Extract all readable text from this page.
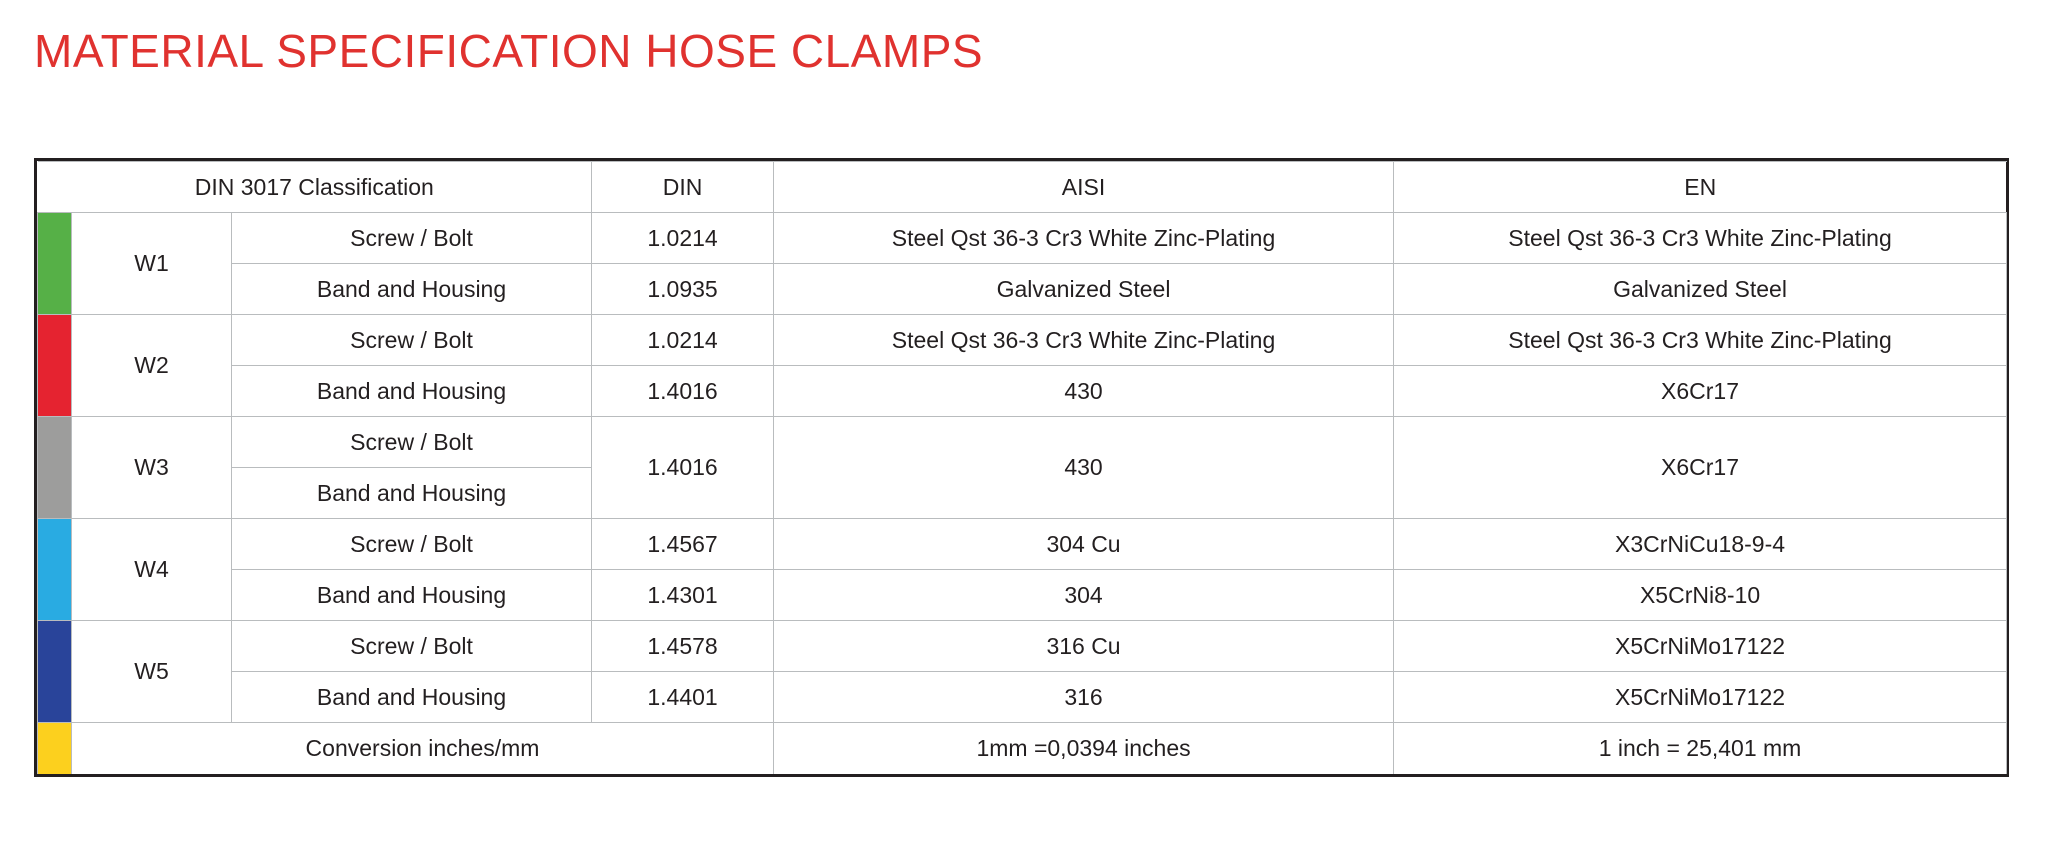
MATERIAL SPECIFICATION HOSE CLAMPS
DIN 3017 Classification			DIN	AISI	EN

	W1	Screw / Bolt	1.0214	Steel Qst 36-3 Cr3 White Zinc-Plating	Steel Qst 36-3 Cr3 White Zinc-Plating
		Band and Housing	1.0935	Galvanized Steel	Galvanized Steel

	W2	Screw / Bolt	1.0214	Steel Qst 36-3 Cr3 White Zinc-Plating	Steel Qst 36-3 Cr3 White Zinc-Plating
		Band and Housing	1.4016	430	X6Cr17

	W3	Screw / Bolt	1.4016	430	X6Cr17
		Band and Housing			

	W4	Screw / Bolt	1.4567	304 Cu	X3CrNiCu18-9-4
		Band and Housing	1.4301	304	X5CrNi8-10

	W5	Screw / Bolt	1.4578	316 Cu	X5CrNiMo17122
		Band and Housing	1.4401	316	X5CrNiMo17122

	Conversion inches/mm			1mm =0,0394 inches	1 inch = 25,401 mm
